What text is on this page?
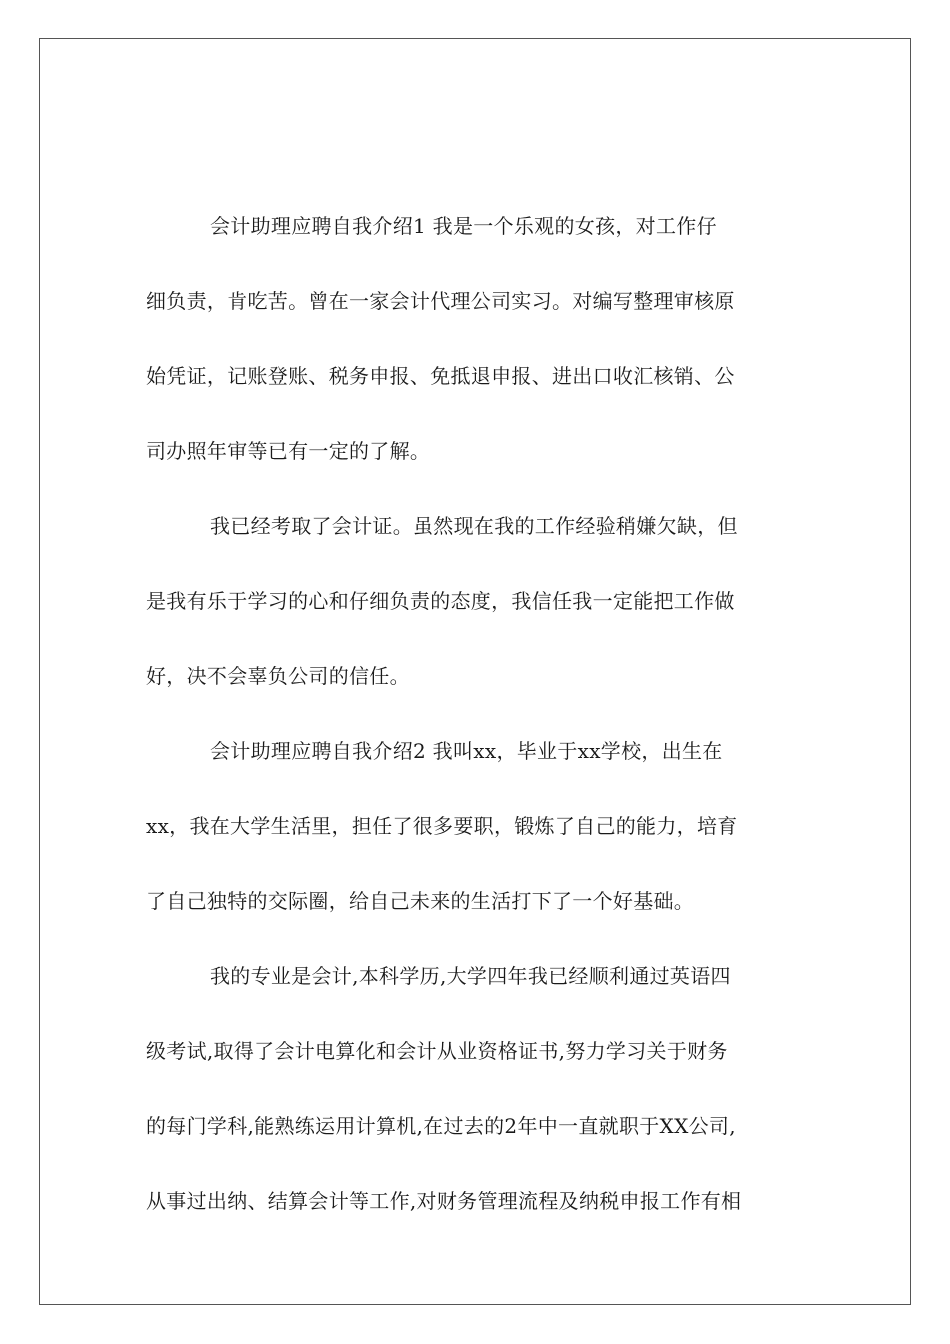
会计助理应聘自我介绍1 我是一个乐观的女孩，对工作仔
细负责，肯吃苦。曾在一家会计代理公司实习。对编写整理审核原
始凭证，记账登账、税务申报、免抵退申报、进出口收汇核销、公
司办照年审等已有一定的了解。
我已经考取了会计证。虽然现在我的工作经验稍嫌欠缺，但
是我有乐于学习的心和仔细负责的态度，我信任我一定能把工作做
好，决不会辜负公司的信任。
会计助理应聘自我介绍2 我叫xx，毕业于xx学校，出生在
xx，我在大学生活里，担任了很多要职，锻炼了自己的能力，培育
了自己独特的交际圈，给自己未来的生活打下了一个好基础。
我的专业是会计,本科学历,大学四年我已经顺利通过英语四
级考试,取得了会计电算化和会计从业资格证书,努力学习关于财务
的每门学科,能熟练运用计算机,在过去的2年中一直就职于XX公司,
从事过出纳、结算会计等工作,对财务管理流程及纳税申报工作有相
